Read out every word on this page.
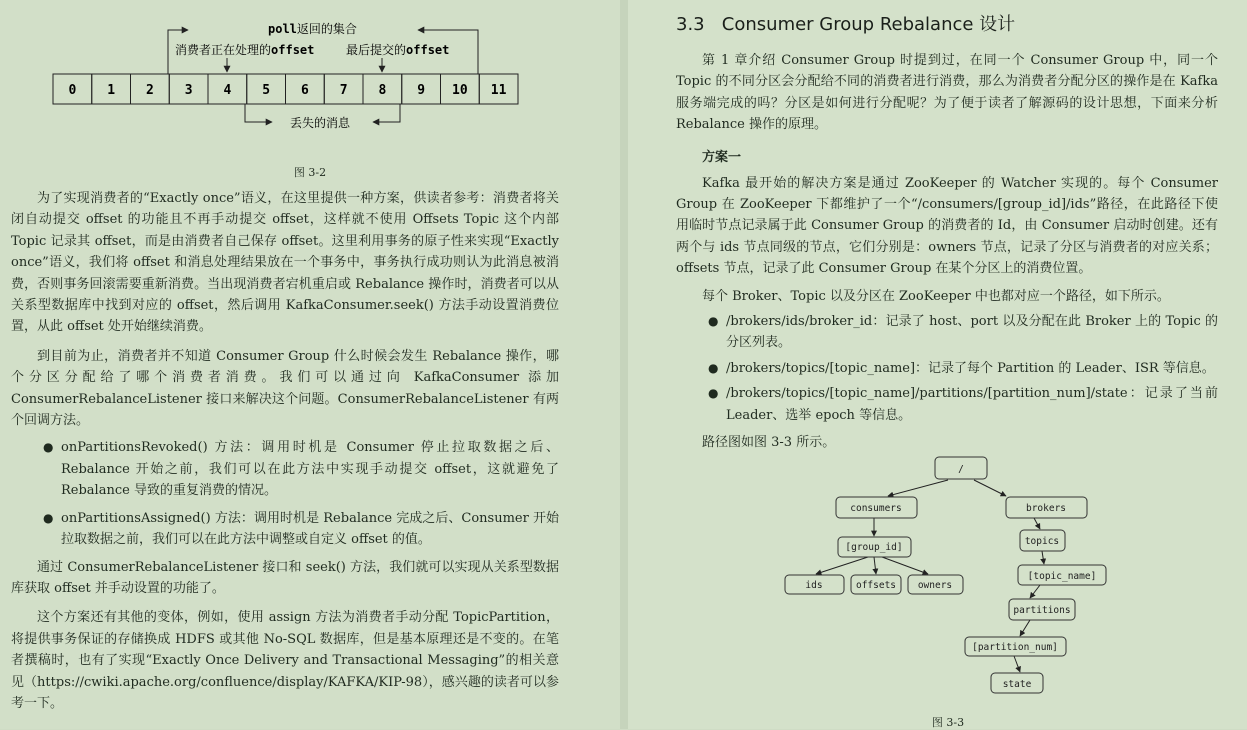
0 1 2 3 4 5 6 7 8 9 10 11
poll返回的集合
消费者正在处理的offset	最后提交的offset
丢失的消息
图 3-2

为了实现消费者的“Exactly once”语义，在这里提供一种方案，供读者参考：消费者将关闭自动提交 offset 的功能且不再手动提交 offset，这样就不使用 Offsets Topic 这个内部 Topic 记录其 offset，而是由消费者自己保存 offset。这里利用事务的原子性来实现“Exactly once”语义，我们将 offset 和消息处理结果放在一个事务中，事务执行成功则认为此消息被消费，否则事务回滚需要重新消费。当出现消费者宕机重启或 Rebalance 操作时，消费者可以从关系型数据库中找到对应的 offset，然后调用 KafkaConsumer.seek() 方法手动设置消费位置，从此 offset 处开始继续消费。

到目前为止，消费者并不知道 Consumer Group 什么时候会发生 Rebalance 操作，哪个分区分配给了哪个消费者消费。我们可以通过向 KafkaConsumer 添加 ConsumerRebalanceListener 接口来解决这个问题。ConsumerRebalanceListener 有两个回调方法。

● onPartitionsRevoked() 方法：调用时机是 Consumer 停止拉取数据之后、Rebalance 开始之前，我们可以在此方法中实现手动提交 offset，这就避免了 Rebalance 导致的重复消费的情况。
● onPartitionsAssigned() 方法：调用时机是 Rebalance 完成之后、Consumer 开始拉取数据之前，我们可以在此方法中调整或自定义 offset 的值。

通过 ConsumerRebalanceListener 接口和 seek() 方法，我们就可以实现从关系型数据库获取 offset 并手动设置的功能了。

这个方案还有其他的变体，例如，使用 assign 方法为消费者手动分配 TopicPartition，将提供事务保证的存储换成 HDFS 或其他 No-SQL 数据库，但是基本原理还是不变的。在笔者撰稿时，也有了实现“Exactly Once Delivery and Transactional Messaging”的相关意见（https://cwiki.apache.org/confluence/display/KAFKA/KIP-98），感兴趣的读者可以参考一下。

3.3   Consumer Group Rebalance 设计

第 1 章介绍 Consumer Group 时提到过，在同一个 Consumer Group 中，同一个 Topic 的不同分区会分配给不同的消费者进行消费，那么为消费者分配分区的操作是在 Kafka 服务端完成的吗？分区是如何进行分配呢？为了便于读者了解源码的设计思想，下面来分析 Rebalance 操作的原理。

方案一

Kafka 最开始的解决方案是通过 ZooKeeper 的 Watcher 实现的。每个 Consumer Group 在 ZooKeeper 下都维护了一个“/consumers/[group_id]/ids”路径，在此路径下使用临时节点记录属于此 Consumer Group 的消费者的 Id，由 Consumer 启动时创建。还有两个与 ids 节点同级的节点，它们分别是：owners 节点，记录了分区与消费者的对应关系；offsets 节点，记录了此 Consumer Group 在某个分区上的消费位置。

每个 Broker、Topic 以及分区在 ZooKeeper 中也都对应一个路径，如下所示。

● /brokers/ids/broker_id：记录了 host、port 以及分配在此 Broker 上的 Topic 的分区列表。
● /brokers/topics/[topic_name]：记录了每个 Partition 的 Leader、ISR 等信息。
● /brokers/topics/[topic_name]/partitions/[partition_num]/state：记录了当前 Leader、选举 epoch 等信息。

路径图如图 3-3 所示。

/
consumers	brokers
[group_id]
topics
ids	offsets owners
[topic_name]
partitions
[partition_num]
state
图 3-3
